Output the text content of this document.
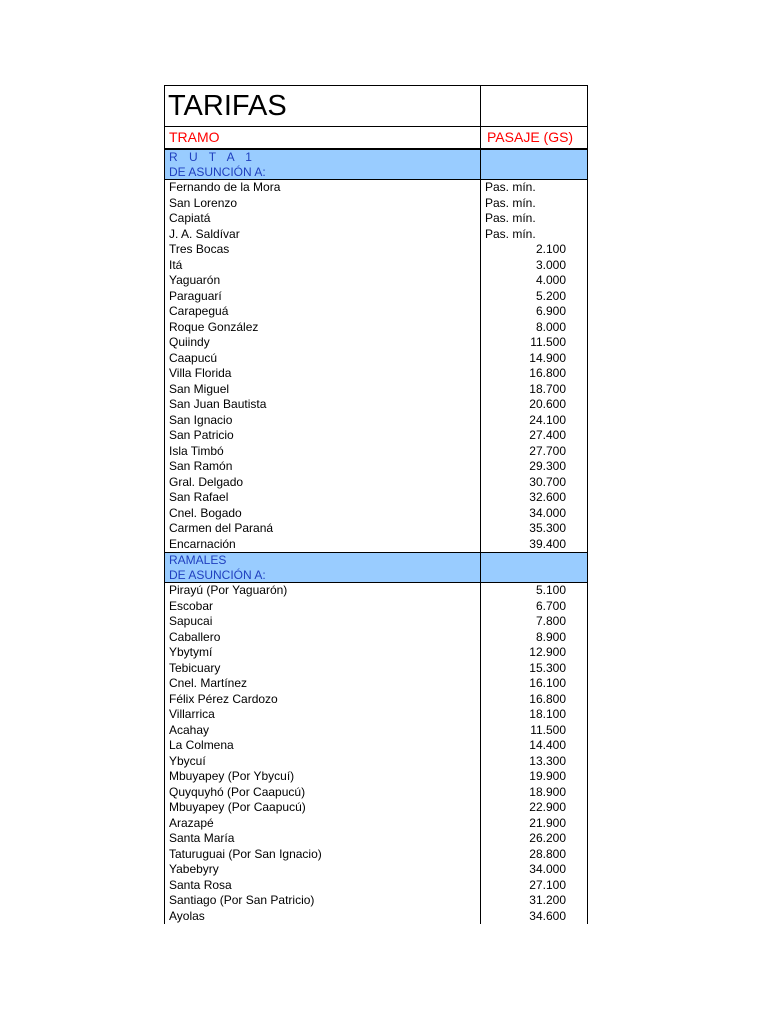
TARIFAS
TRAMO	PASAJE (GS)
R U T A 1
DE ASUNCIÓN A:
Fernando de la Mora	Pas. mín.
San Lorenzo	Pas. mín.
Capiatá	Pas. mín.
J. A. Saldívar	Pas. mín.
Tres Bocas	2.100
Itá	3.000
Yaguarón	4.000
Paraguarí	5.200
Carapeguá	6.900
Roque González	8.000
Quiindy	11.500
Caapucú	14.900
Villa Florida	16.800
San Miguel	18.700
San Juan Bautista	20.600
San Ignacio	24.100
San Patricio	27.400
Isla Timbó	27.700
San Ramón	29.300
Gral. Delgado	30.700
San Rafael	32.600
Cnel. Bogado	34.000
Carmen del Paraná	35.300
Encarnación	39.400
RAMALES
DE ASUNCIÓN A:
Pirayú (Por Yaguarón)	5.100
Escobar	6.700
Sapucai	7.800
Caballero	8.900
Ybytymí	12.900
Tebicuary	15.300
Cnel. Martínez	16.100
Félix Pérez Cardozo	16.800
Villarrica	18.100
Acahay	11.500
La Colmena	14.400
Ybycuí	13.300
Mbuyapey (Por Ybycuí)	19.900
Quyquyhó (Por Caapucú)	18.900
Mbuyapey (Por Caapucú)	22.900
Arazapé	21.900
Santa María	26.200
Taturuguai (Por San Ignacio)	28.800
Yabebyry	34.000
Santa Rosa	27.100
Santiago (Por San Patricio)	31.200
Ayolas	34.600
